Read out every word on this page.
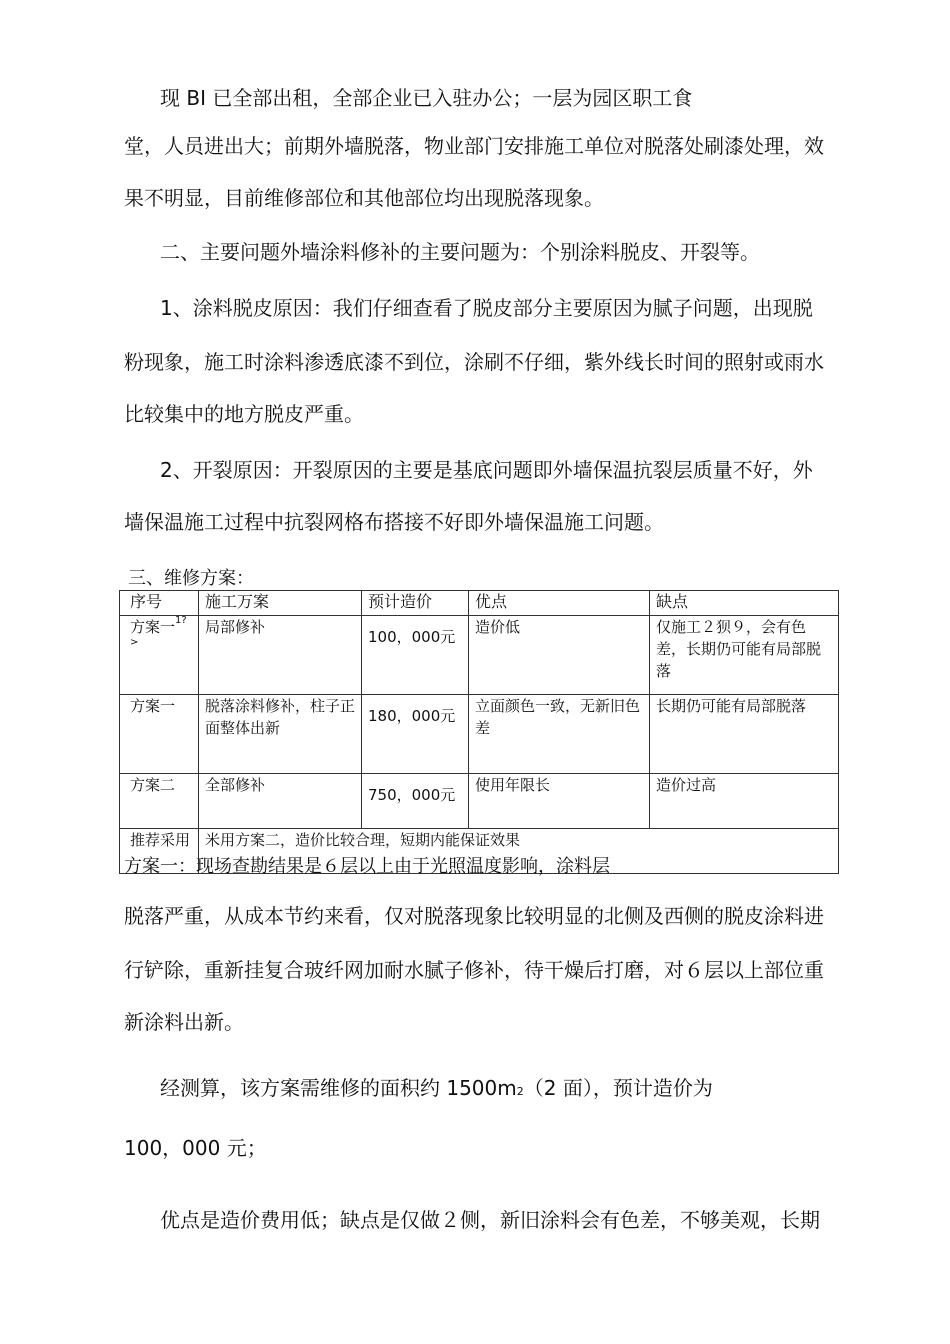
现 BI 已全部出租，全部企业已入驻办公；一层为园区职工食
堂，人员进出大；前期外墙脱落，物业部门安排施工单位对脱落处刷漆处理，效
果不明显，目前维修部位和其他部位均出现脱落现象。
二、主要问题外墙涂料修补的主要问题为：个别涂料脱皮、开裂等。
1、涂料脱皮原因：我们仔细查看了脱皮部分主要原因为腻子问题，出现脱
粉现象，施工时涂料渗透底漆不到位，涂刷不仔细，紫外线长时间的照射或雨水
比较集中的地方脱皮严重。
2、开裂原因：开裂原因的主要是基底问题即外墙保温抗裂层质量不好，外
墙保温施工过程中抗裂网格布搭接不好即外墙保温施工问题。
三、维修方案：
序号	施工万案	预计造价	优点	缺点
方案一$^{1?>}$	局部修补	100，000元	造价低	仅施工２狈９，会有色差，长期仍可能有局部脱落
方案一	脱落涂料修补，柱子正面整体出新	180，000元	立面颜色一致，无新旧色差	长期仍可能有局部脱落
方案二	全部修补	750，000元	使用年限长	造价过高
推荐采用	米用方案二，造价比较合理，短期内能保证效果			
方案一：现场查勘结果是６层以上由于光照温度影响，涂料层
脱落严重，从成本节约来看，仅对脱落现象比较明显的北侧及西侧的脱皮涂料进
行铲除，重新挂复合玻纤网加耐水腻子修补，待干燥后打磨，对６层以上部位重
新涂料出新。
经测算，该方案需维修的面积约 1500m2（2 面），预计造价为
100，000 元；
优点是造价费用低；缺点是仅做２侧，新旧涂料会有色差，不够美观，长期
